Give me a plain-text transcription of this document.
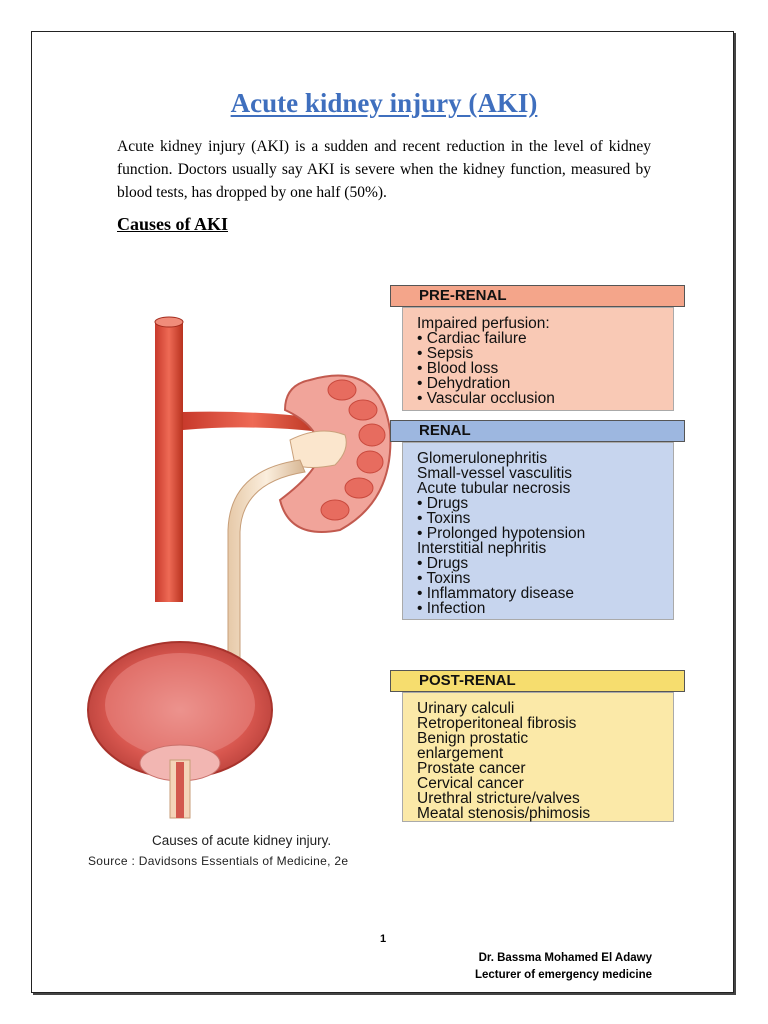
Acute kidney injury (AKI)
Acute kidney injury (AKI) is a sudden and recent reduction in the level of kidney function. Doctors usually say AKI is severe when the kidney function, measured by blood tests, has dropped by one half (50%).
Causes of AKI
PRE-RENAL
Impaired perfusion:
• Cardiac failure
• Sepsis
• Blood loss
• Dehydration
• Vascular occlusion
RENAL
Glomerulonephritis
Small-vessel vasculitis
Acute tubular necrosis
• Drugs
• Toxins
• Prolonged hypotension
Interstitial nephritis
• Drugs
• Toxins
• Inflammatory disease
• Infection
POST-RENAL
Urinary calculi
Retroperitoneal fibrosis
Benign prostatic
enlargement
Prostate cancer
Cervical cancer
Urethral stricture/valves
Meatal stenosis/phimosis
Causes of acute kidney injury.
Source : Davidsons Essentials of Medicine, 2e
1
Dr. Bassma Mohamed El Adawy
Lecturer of emergency medicine
